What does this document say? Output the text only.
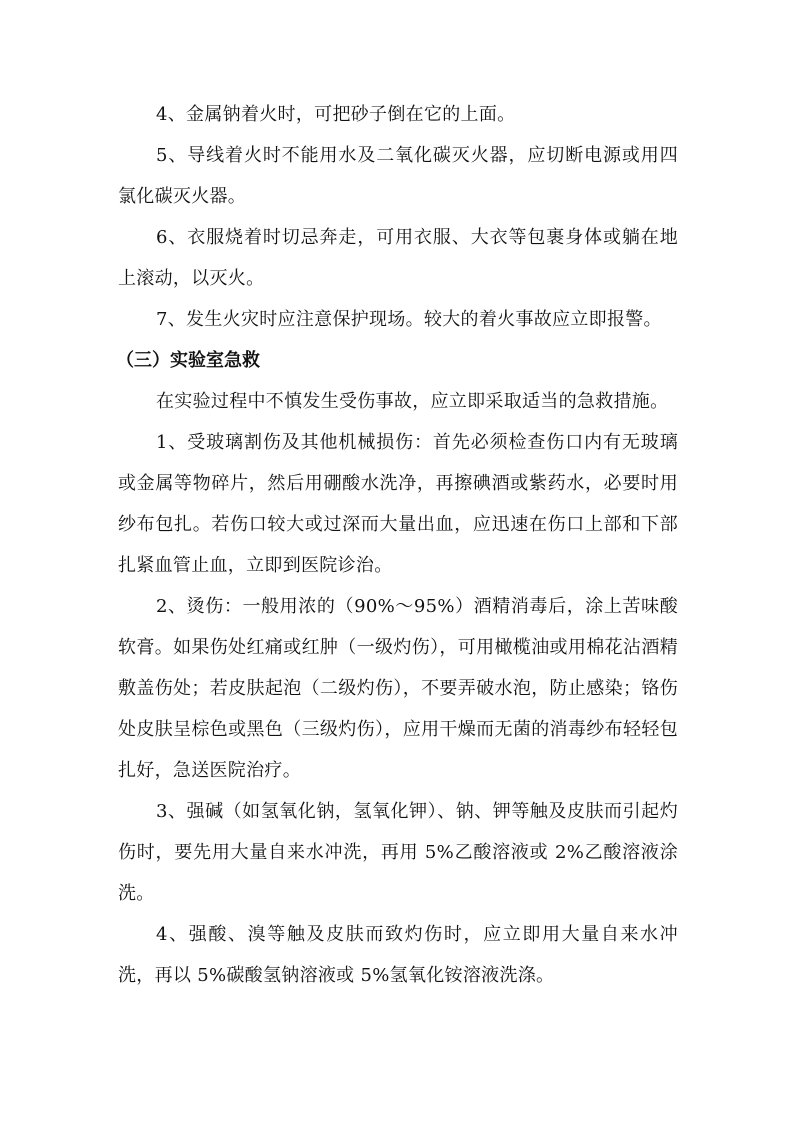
4、金属钠着火时，可把砂子倒在它的上面。

5、导线着火时不能用水及二氧化碳灭火器，应切断电源或用四氯化碳灭火器。

6、衣服烧着时切忌奔走，可用衣服、大衣等包裹身体或躺在地上滚动，以灭火。

7、发生火灾时应注意保护现场。较大的着火事故应立即报警。

（三）实验室急救

在实验过程中不慎发生受伤事故，应立即采取适当的急救措施。

1、受玻璃割伤及其他机械损伤：首先必须检查伤口内有无玻璃或金属等物碎片，然后用硼酸水洗净，再擦碘酒或紫药水，必要时用纱布包扎。若伤口较大或过深而大量出血，应迅速在伤口上部和下部扎紧血管止血，立即到医院诊治。

2、烫伤：一般用浓的（90%～95%）酒精消毒后，涂上苦味酸软膏。如果伤处红痛或红肿（一级灼伤），可用橄榄油或用棉花沾酒精敷盖伤处；若皮肤起泡（二级灼伤），不要弄破水泡，防止感染；铬伤处皮肤呈棕色或黑色（三级灼伤），应用干燥而无菌的消毒纱布轻轻包扎好，急送医院治疗。

3、强碱（如氢氧化钠，氢氧化钾）、钠、钾等触及皮肤而引起灼伤时，要先用大量自来水冲洗，再用 5%乙酸溶液或 2%乙酸溶液涂洗。

4、强酸、溴等触及皮肤而致灼伤时，应立即用大量自来水冲洗，再以 5%碳酸氢钠溶液或 5%氢氧化铵溶液洗涤。
